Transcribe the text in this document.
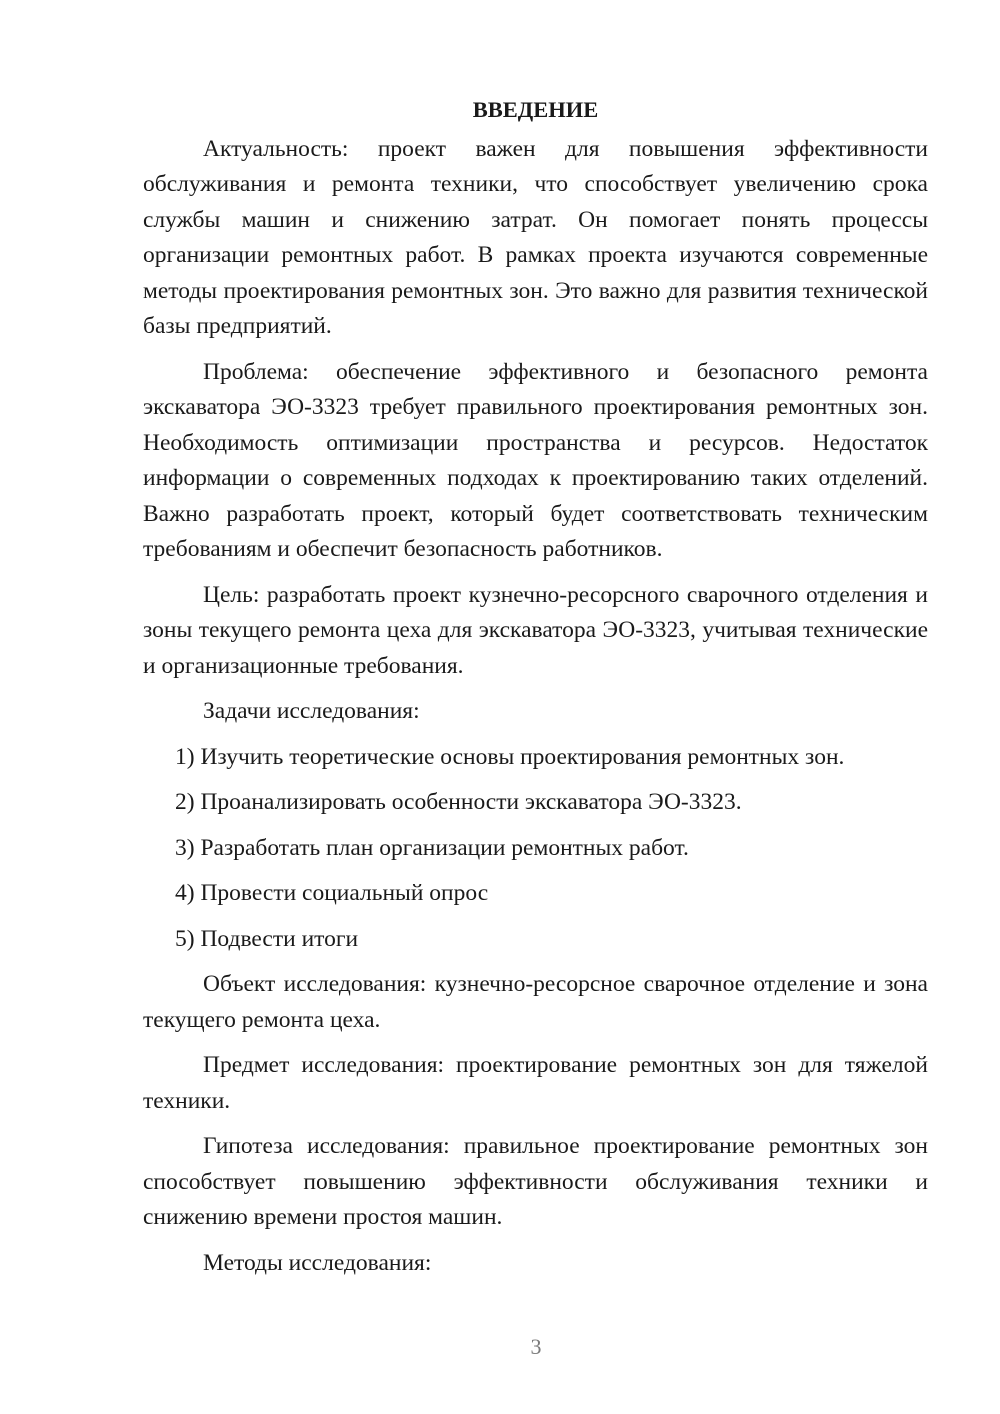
ВВЕДЕНИЕ

Актуальность: проект важен для повышения эффективности обслуживания и ремонта техники, что способствует увеличению срока службы машин и снижению затрат. Он помогает понять процессы организации ремонтных работ. В рамках проекта изучаются современные методы проектирования ремонтных зон. Это важно для развития технической базы предприятий.

Проблема: обеспечение эффективного и безопасного ремонта экскаватора ЭО-3323 требует правильного проектирования ремонтных зон. Необходимость оптимизации пространства и ресурсов. Недостаток информации о современных подходах к проектированию таких отделений. Важно разработать проект, который будет соответствовать техническим требованиям и обеспечит безопасность работников.

Цель: разработать проект кузнечно-ресорсного сварочного отделения и зоны текущего ремонта цеха для экскаватора ЭО-3323, учитывая технические и организационные требования.

Задачи исследования:

1) Изучить теоретические основы проектирования ремонтных зон.

2) Проанализировать особенности экскаватора ЭО-3323.

3) Разработать план организации ремонтных работ.

4) Провести социальный опрос

5) Подвести итоги

Объект исследования: кузнечно-ресорсное сварочное отделение и зона текущего ремонта цеха.

Предмет исследования: проектирование ремонтных зон для тяжелой техники.

Гипотеза исследования: правильное проектирование ремонтных зон способствует повышению эффективности обслуживания техники и снижению времени простоя машин.

Методы исследования:

3
